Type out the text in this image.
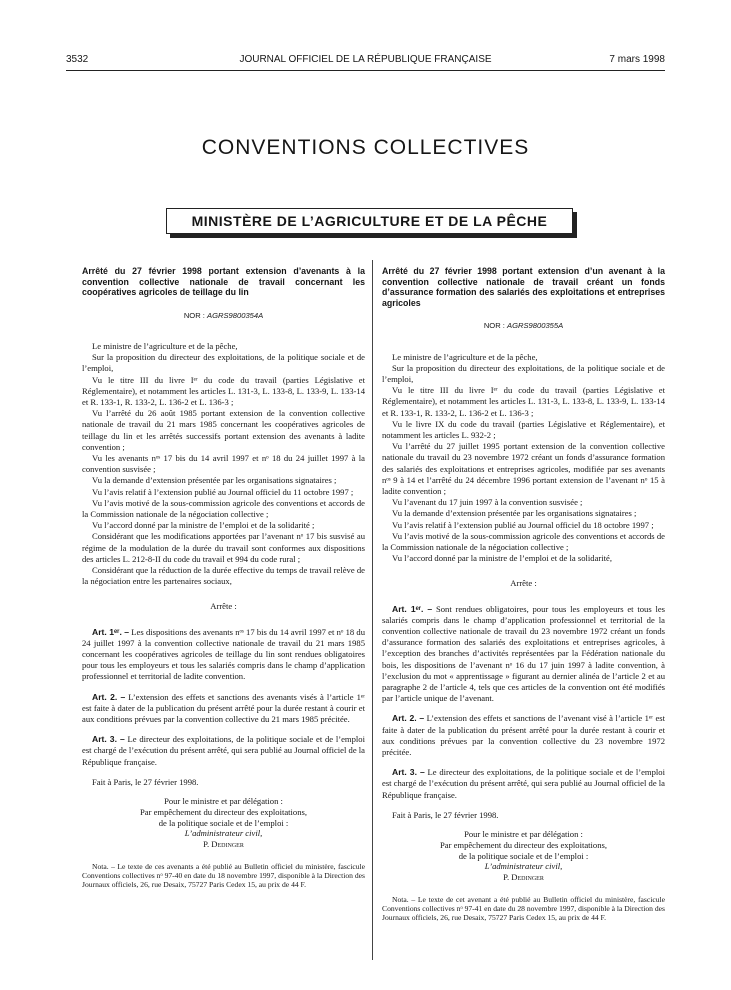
3532	JOURNAL OFFICIEL DE LA RÉPUBLIQUE FRANÇAISE	7 mars 1998
CONVENTIONS COLLECTIVES
MINISTÈRE DE L’AGRICULTURE ET DE LA PÊCHE
Arrêté du 27 février 1998 portant extension d’avenants à la convention collective nationale de travail concernant les coopératives agricoles de teillage du lin
NOR : AGRS9800354A

Le ministre de l’agriculture et de la pêche,

Sur la proposition du directeur des exploitations, de la politique sociale et de l’emploi,

Vu le titre III du livre Iᵉʳ du code du travail (parties Législative et Réglementaire), et notamment les articles L. 131-3, L. 133-8, L. 133-9, L. 133-14 et R. 133-1, R. 133-2, L. 136-2 et L. 136-3 ;

Vu l’arrêté du 26 août 1985 portant extension de la convention collective nationale de travail du 21 mars 1985 concernant les coopératives agricoles de teillage du lin et les arrêtés successifs portant extension des avenants à ladite convention ;

Vu les avenants nᵒˢ 17 bis du 14 avril 1997 et nᵒ 18 du 24 juillet 1997 à la convention susvisée ;

Vu la demande d’extension présentée par les organisations signataires ;

Vu l’avis relatif à l’extension publié au Journal officiel du 11 octobre 1997 ;

Vu l’avis motivé de la sous-commission agricole des conventions et accords de la Commission nationale de la négociation collective ;

Vu l’accord donné par la ministre de l’emploi et de la solidarité ;

Considérant que les modifications apportées par l’avenant nᵒ 17 bis susvisé au régime de la modulation de la durée du travail sont conformes aux dispositions des articles L. 212-8-II du code du travail et 994 du code rural ;

Considérant que la réduction de la durée effective du temps de travail relève de la négociation entre les partenaires sociaux,

Arrête :

Art. 1ᵉʳ. – Les dispositions des avenants nᵒˢ 17 bis du 14 avril 1997 et nᵒ 18 du 24 juillet 1997 à la convention collective nationale de travail du 21 mars 1985 concernant les coopératives agricoles de teillage du lin sont rendues obligatoires pour tous les employeurs et tous les salariés compris dans le champ d’application professionnel et territorial de ladite convention.

Art. 2. – L’extension des effets et sanctions des avenants visés à l’article 1ᵉʳ est faite à dater de la publication du présent arrêté pour la durée restant à courir et aux conditions prévues par la convention collective du 21 mars 1985 précitée.

Art. 3. – Le directeur des exploitations, de la politique sociale et de l’emploi est chargé de l’exécution du présent arrêté, qui sera publié au Journal officiel de la République française.

Fait à Paris, le 27 février 1998.

Pour le ministre et par délégation :

Par empêchement du directeur des exploitations,

de la politique sociale et de l’emploi :

L’administrateur civil,

P. Dedinger

Nota. – Le texte de ces avenants a été publié au Bulletin officiel du ministère, fascicule Conventions collectives nᵒ 97-40 en date du 18 novembre 1997, disponible à la Direction des Journaux officiels, 26, rue Desaix, 75727 Paris Cedex 15, au prix de 44 F.

Arrêté du 27 février 1998 portant extension d’un avenant à la convention collective nationale de travail créant un fonds d’assurance formation des salariés des exploitations et entreprises agricoles
NOR : AGRS9800355A

Le ministre de l’agriculture et de la pêche,

Sur la proposition du directeur des exploitations, de la politique sociale et de l’emploi,

Vu le titre III du livre Iᵉʳ du code du travail (parties Législative et Réglementaire), et notamment les articles L. 131-3, L. 133-8, L. 133-9, L. 133-14 et R. 133-1, R. 133-2, L. 136-2 et L. 136-3 ;

Vu le livre IX du code du travail (parties Législative et Réglementaire), et notamment les articles L. 932-2 ;

Vu l’arrêté du 27 juillet 1995 portant extension de la convention collective nationale du travail du 23 novembre 1972 créant un fonds d’assurance formation des salariés des exploitations et entreprises agricoles, modifiée par ses avenants nᵒˢ 9 à 14 et l’arrêté du 24 décembre 1996 portant extension de l’avenant nᵒ 15 à ladite convention ;

Vu l’avenant du 17 juin 1997 à la convention susvisée ;

Vu la demande d’extension présentée par les organisations signataires ;

Vu l’avis relatif à l’extension publié au Journal officiel du 18 octobre 1997 ;

Vu l’avis motivé de la sous-commission agricole des conventions et accords de la Commission nationale de la négociation collective ;

Vu l’accord donné par la ministre de l’emploi et de la solidarité,

Arrête :

Art. 1ᵉʳ. – Sont rendues obligatoires, pour tous les employeurs et tous les salariés compris dans le champ d’application professionnel et territorial de la convention collective nationale de travail du 23 novembre 1972 créant un fonds d’assurance formation des salariés des exploitations et entreprises agricoles, à l’exception des branches d’activités représentées par la Fédération nationale du bois, les dispositions de l’avenant nᵒ 16 du 17 juin 1997 à ladite convention, à l’exclusion du mot « apprentissage » figurant au dernier alinéa de l’article 2 et au paragraphe 2 de l’article 4, tels que ces articles de la convention ont été modifiés par l’article unique de l’avenant.

Art. 2. – L’extension des effets et sanctions de l’avenant visé à l’article 1ᵉʳ est faite à dater de la publication du présent arrêté pour la durée restant à courir et aux conditions prévues par la convention collective du 23 novembre 1972 précitée.

Art. 3. – Le directeur des exploitations, de la politique sociale et de l’emploi est chargé de l’exécution du présent arrêté, qui sera publié au Journal officiel de la République française.

Fait à Paris, le 27 février 1998.

Pour le ministre et par délégation :

Par empêchement du directeur des exploitations,

de la politique sociale et de l’emploi :

L’administrateur civil,

P. Dedinger

Nota. – Le texte de cet avenant a été publié au Bulletin officiel du ministère, fascicule Conventions collectives nᵒ 97-41 en date du 28 novembre 1997, disponible à la Direction des Journaux officiels, 26, rue Desaix, 75727 Paris Cedex 15, au prix de 44 F.
